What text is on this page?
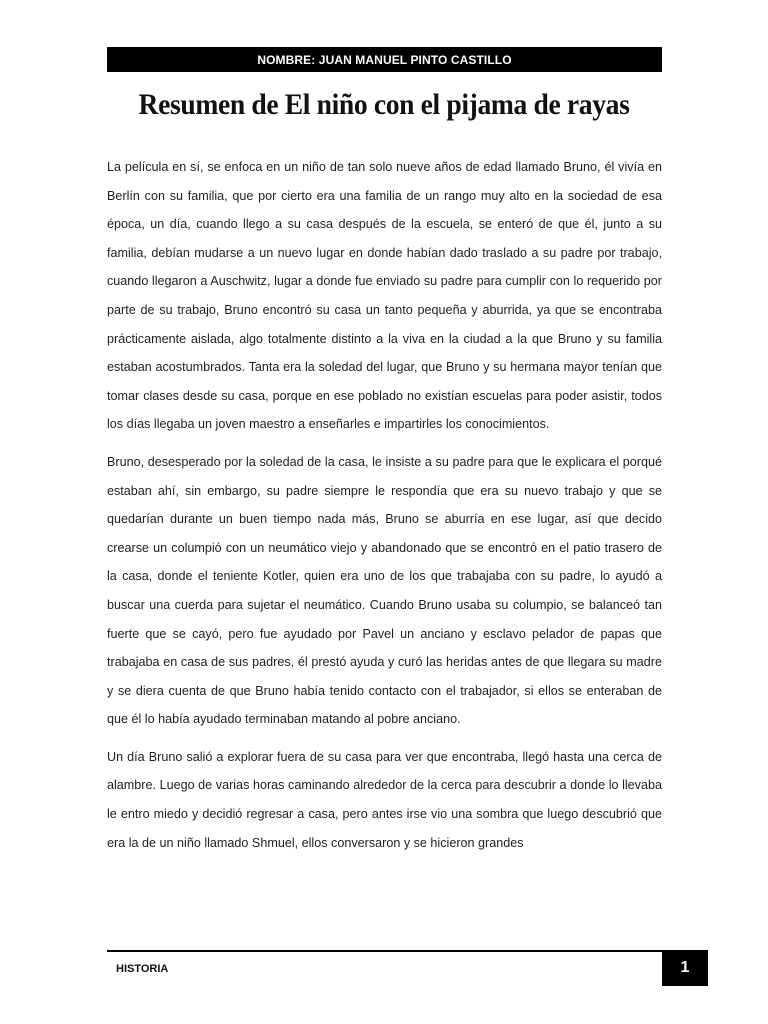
NOMBRE: JUAN MANUEL PINTO CASTILLO
Resumen de El niño con el pijama de rayas

La película en sí, se enfoca en un niño de tan solo nueve años de edad llamado Bruno, él vivía en Berlín con su familia, que por cierto era una familia de un rango muy alto en la sociedad de esa época, un día, cuando llego a su casa después de la escuela, se enteró de que él, junto a su familia, debían mudarse a un nuevo lugar en donde habían dado traslado a su padre por trabajo, cuando llegaron a Auschwitz, lugar a donde fue enviado su padre para cumplir con lo requerido por parte de su trabajo, Bruno encontró su casa un tanto pequeña y aburrida, ya que se encontraba prácticamente aislada, algo totalmente distinto a la viva en la ciudad a la que Bruno y su familia estaban acostumbrados. Tanta era la soledad del lugar, que Bruno y su hermana mayor tenían que tomar clases desde su casa, porque en ese poblado no existían escuelas para poder asistir, todos los días llegaba un joven maestro a enseñarles e impartirles los conocimientos.

Bruno, desesperado por la soledad de la casa, le insiste a su padre para que le explicara el porqué estaban ahí, sin embargo, su padre siempre le respondía que era su nuevo trabajo y que se quedarían durante un buen tiempo nada más, Bruno se aburría en ese lugar, así que decido crearse un columpió con un neumático viejo y abandonado que se encontró en el patio trasero de la casa, donde el teniente Kotler, quien era uno de los que trabajaba con su padre, lo ayudó a buscar una cuerda para sujetar el neumático. Cuando Bruno usaba su columpio, se balanceó tan fuerte que se cayó, pero fue ayudado por Pavel un anciano y esclavo pelador de papas que trabajaba en casa de sus padres, él prestó ayuda y curó las heridas antes de que llegara su madre y se diera cuenta de que Bruno había tenido contacto con el trabajador, si ellos se enteraban de que él lo había ayudado terminaban matando al pobre anciano.

Un día Bruno salió a explorar fuera de su casa para ver que encontraba, llegó hasta una cerca de alambre. Luego de varias horas caminando alrededor de la cerca para descubrir a donde lo llevaba le entro miedo y decidió regresar a casa, pero antes irse vio una sombra que luego descubrió que era la de un niño llamado Shmuel, ellos conversaron y se hicieron grandes

HISTORIA	1
